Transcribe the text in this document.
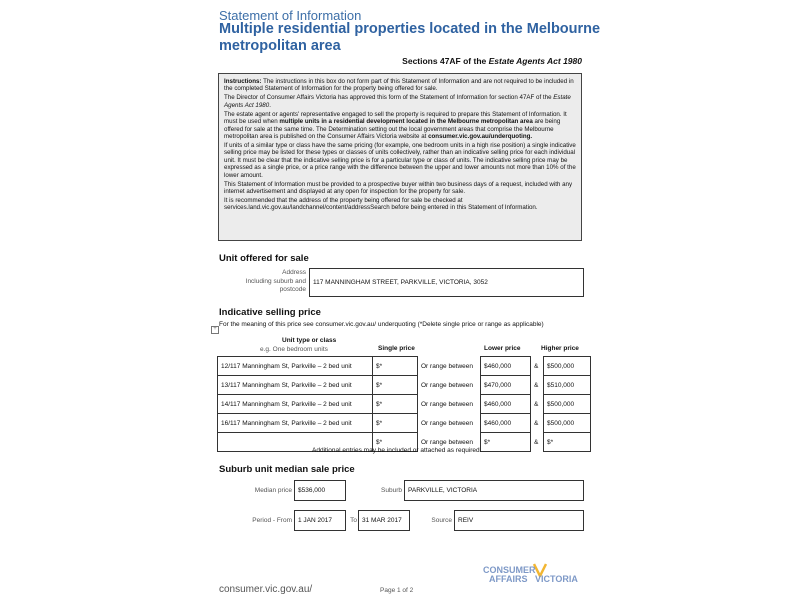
Statement of Information
Multiple residential properties located in the Melbourne metropolitan area
Sections 47AF of the Estate Agents Act 1980

Instructions: The instructions in this box do not form part of this Statement of Information and are not required to be included in the completed Statement of Information for the property being offered for sale.

The Director of Consumer Affairs Victoria has approved this form of the Statement of Information for section 47AF of the Estate Agents Act 1980.

The estate agent or agents' representative engaged to sell the property is required to prepare this Statement of Information. It must be used when multiple units in a residential development located in the Melbourne metropolitan area are being offered for sale at the same time. The Determination setting out the local government areas that comprise the Melbourne metropolitan area is published on the Consumer Affairs Victoria website at consumer.vic.gov.au/underquoting.

If units of a similar type or class have the same pricing (for example, one bedroom units in a high rise position) a single indicative selling price may be listed for these types or classes of units collectively, rather than an indicative selling price for each individual unit. It must be clear that the indicative selling price is for a particular type or class of units. The indicative selling price may be expressed as a single price, or a price range with the difference between the upper and lower amounts not more than 10% of the lower amount.

This Statement of Information must be provided to a prospective buyer within two business days of a request, included with any internet advertisement and displayed at any open for inspection for the property for sale.

It is recommended that the address of the property being offered for sale be checked at services.land.vic.gov.au/landchannel/content/addressSearch before being entered in this Statement of Information.

Unit offered for sale
Address
Including suburb and
postcode
117 MANNINGHAM STREET, PARKVILLE, VICTORIA, 3052
Indicative selling price
+
For the meaning of this price see consumer.vic.gov.au/ underquoting (*Delete single price or range as applicable)
Unit type or class
e.g. One bedroom units	Single price	Lower price	Higher price
12/117 Manningham St, Parkville – 2 bed unit	$*	Or range between	$460,000	&	$500,000
13/117 Manningham St, Parkville – 2 bed unit	$*	Or range between	$470,000	&	$510,000
14/117 Manningham St, Parkville – 2 bed unit	$*	Or range between	$460,000	&	$500,000
16/117 Manningham St, Parkville – 2 bed unit	$*	Or range between	$460,000	&	$500,000
	$*	Or range between	$*	&	$*
Additional entries may be included or attached as required.
Suburb unit median sale price
Median price $536,000	Suburb PARKVILLE, VICTORIA
Period - From 1 JAN 2017	To 31 MAR 2017	Source REIV
consumer.vic.gov.au/	Page 1 of 2
CONSUMER
AFFAIRS VICTORIA
